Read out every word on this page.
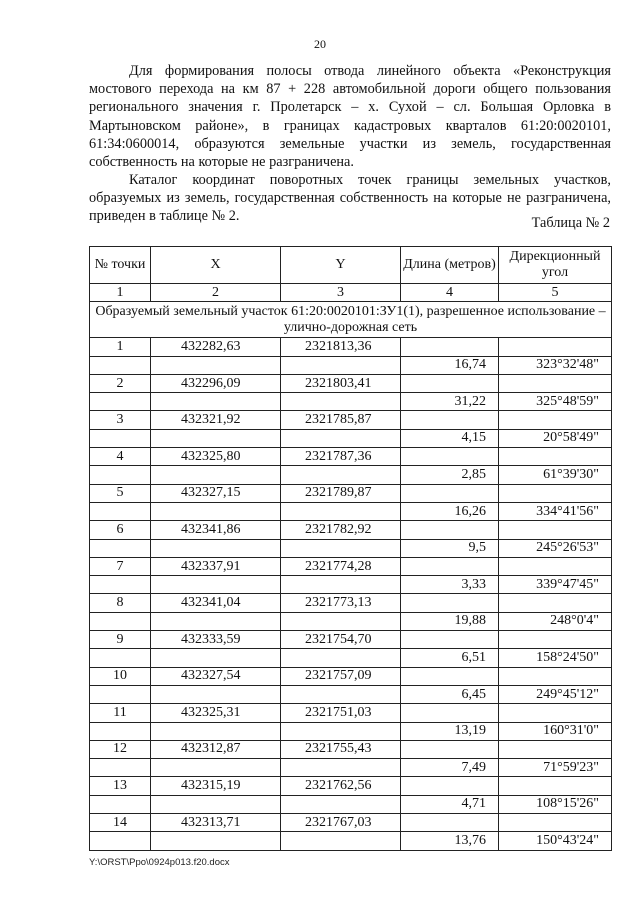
20

Для формирования полосы отвода линейного объекта «Реконструкция мостового перехода на км 87 + 228 автомобильной дороги общего пользования регионального значения г. Пролетарск – х. Сухой – сл. Большая Орловка в Мартыновском районе», в границах кадастровых кварталов 61:20:0020101, 61:34:0600014, образуются земельные участки из земель, государственная собственность на которые не разграничена.

Каталог координат поворотных точек границы земельных участков, образуемых из земель, государственная собственность на которые не разграничена, приведен в таблице № 2.	Таблица № 2
№ точки	X	Y	Длина (метров)	Дирекционный угол
1	2	3	4	5
Образуемый земельный участок 61:20:0020101:ЗУ1(1), разрешенное использование – улично-дорожная сеть				
1	432282,63	2321813,36		
			16,74	323°32'48"
2	432296,09	2321803,41		
			31,22	325°48'59"
3	432321,92	2321785,87		
			4,15	20°58'49"
4	432325,80	2321787,36		
			2,85	61°39'30"
5	432327,15	2321789,87		
			16,26	334°41'56"
6	432341,86	2321782,92		
			9,5	245°26'53"
7	432337,91	2321774,28		
			3,33	339°47'45"
8	432341,04	2321773,13		
			19,88	248°0'4"
9	432333,59	2321754,70		
			6,51	158°24'50"
10	432327,54	2321757,09		
			6,45	249°45'12"
11	432325,31	2321751,03		
			13,19	160°31'0"
12	432312,87	2321755,43		
			7,49	71°59'23"
13	432315,19	2321762,56		
			4,71	108°15'26"
14	432313,71	2321767,03		
			13,76	150°43'24"
Y:\ORST\Ppo\0924p013.f20.docx
